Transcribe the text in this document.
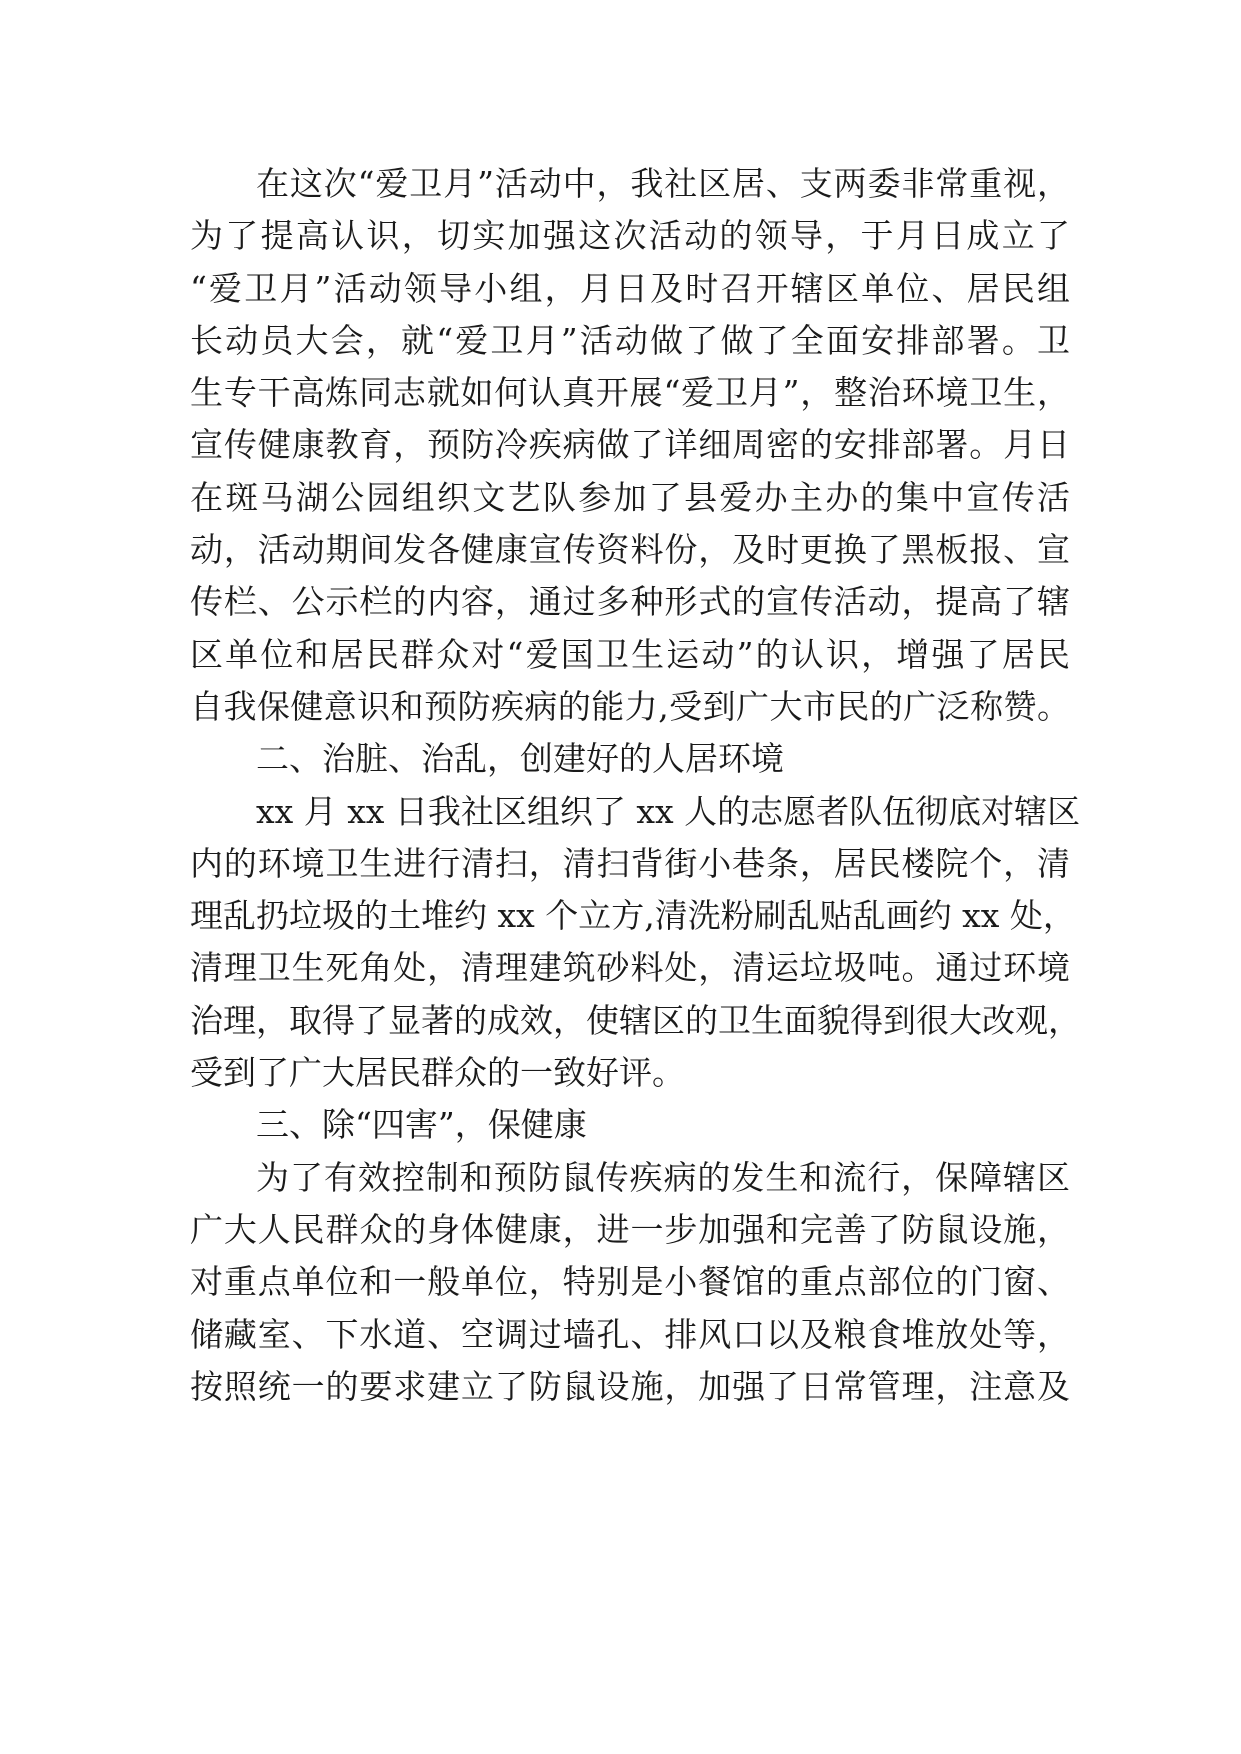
在这次“爱卫月”活动中，我社区居、支两委非常重视，
为了提高认识，切实加强这次活动的领导，于月日成立了
“爱卫月”活动领导小组，月日及时召开辖区单位、居民组
长动员大会，就“爱卫月”活动做了做了全面安排部署。卫
生专干高炼同志就如何认真开展“爱卫月”，整治环境卫生，
宣传健康教育，预防冷疾病做了详细周密的安排部署。月日
在斑马湖公园组织文艺队参加了县爱办主办的集中宣传活
动，活动期间发各健康宣传资料份，及时更换了黑板报、宣
传栏、公示栏的内容，通过多种形式的宣传活动，提高了辖
区单位和居民群众对“爱国卫生运动”的认识，增强了居民
自我保健意识和预防疾病的能力,受到广大市民的广泛称赞。
二、治脏、治乱，创建好的人居环境
xx 月 xx 日我社区组织了 xx 人的志愿者队伍彻底对辖区
内的环境卫生进行清扫，清扫背街小巷条，居民楼院个，清
理乱扔垃圾的土堆约 xx 个立方,清洗粉刷乱贴乱画约 xx 处，
清理卫生死角处，清理建筑砂料处，清运垃圾吨。通过环境
治理，取得了显著的成效，使辖区的卫生面貌得到很大改观，
受到了广大居民群众的一致好评。
三、除“四害”，保健康
为了有效控制和预防鼠传疾病的发生和流行，保障辖区
广大人民群众的身体健康，进一步加强和完善了防鼠设施，
对重点单位和一般单位，特别是小餐馆的重点部位的门窗、
储藏室、下水道、空调过墙孔、排风口以及粮食堆放处等，
按照统一的要求建立了防鼠设施，加强了日常管理，注意及
